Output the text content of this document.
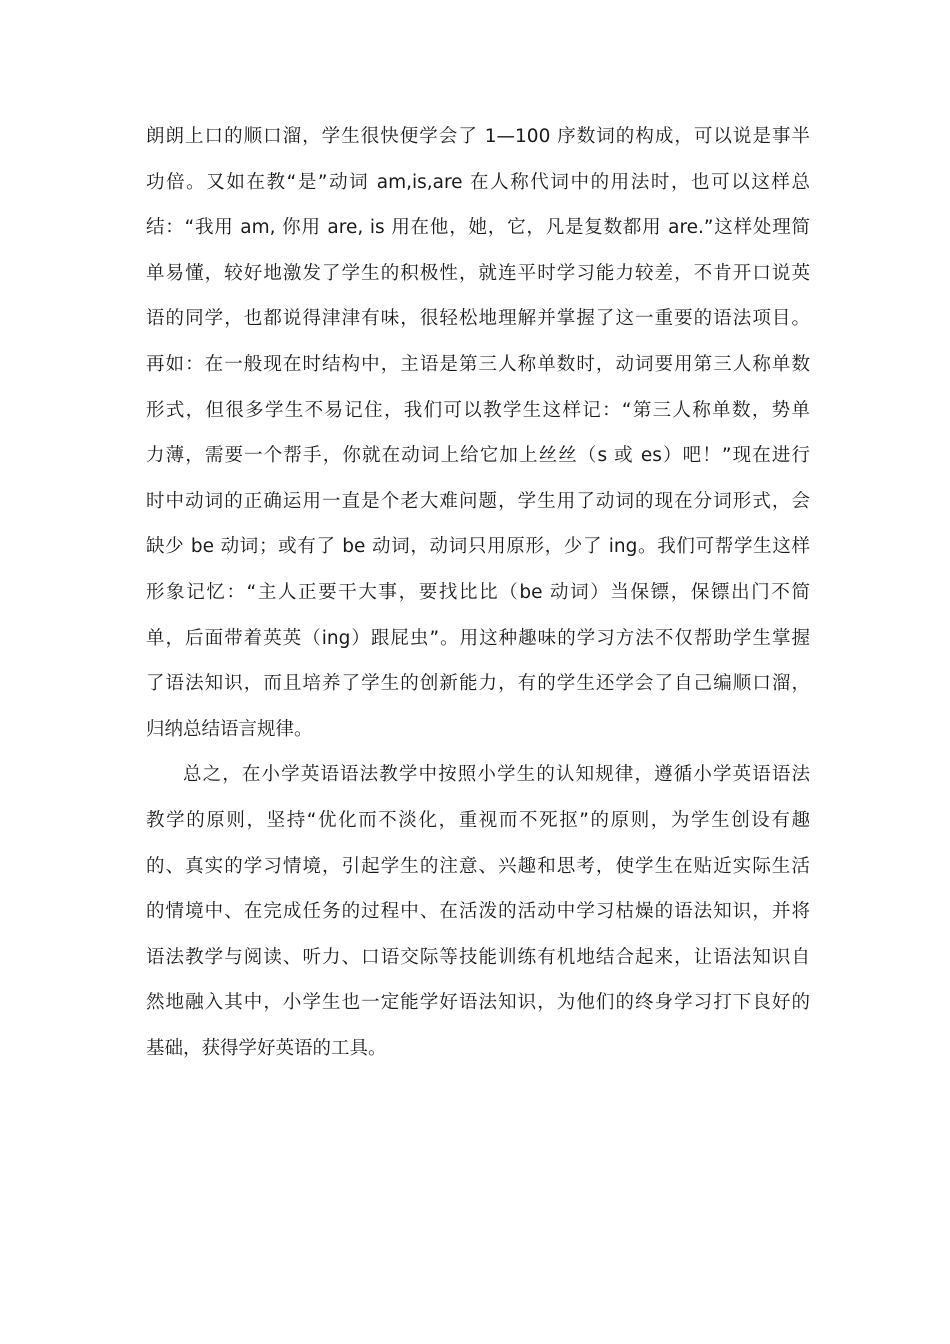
朗朗上口的顺口溜，学生很快便学会了 1—100 序数词的构成，可以说是事半
功倍。又如在教“是”动词 am,is,are 在人称代词中的用法时，也可以这样总
结：“我用 am, 你用 are, is 用在他，她，它，凡是复数都用 are.”这样处理简
单易懂，较好地激发了学生的积极性，就连平时学习能力较差，不肯开口说英
语的同学，也都说得津津有味，很轻松地理解并掌握了这一重要的语法项目。
再如：在一般现在时结构中，主语是第三人称单数时，动词要用第三人称单数
形式，但很多学生不易记住，我们可以教学生这样记：“第三人称单数，势单
力薄，需要一个帮手，你就在动词上给它加上丝丝（s 或 es）吧！”现在进行
时中动词的正确运用一直是个老大难问题，学生用了动词的现在分词形式，会
缺少 be 动词；或有了 be 动词，动词只用原形，少了 ing。我们可帮学生这样
形象记忆：“主人正要干大事，要找比比（be 动词）当保镖，保镖出门不简
单，后面带着英英（ing）跟屁虫”。用这种趣味的学习方法不仅帮助学生掌握
了语法知识，而且培养了学生的创新能力，有的学生还学会了自己编顺口溜，
归纳总结语言规律。
总之，在小学英语语法教学中按照小学生的认知规律，遵循小学英语语法
教学的原则，坚持“优化而不淡化，重视而不死抠”的原则，为学生创设有趣
的、真实的学习情境，引起学生的注意、兴趣和思考，使学生在贴近实际生活
的情境中、在完成任务的过程中、在活泼的活动中学习枯燥的语法知识，并将
语法教学与阅读、听力、口语交际等技能训练有机地结合起来，让语法知识自
然地融入其中，小学生也一定能学好语法知识，为他们的终身学习打下良好的
基础，获得学好英语的工具。
